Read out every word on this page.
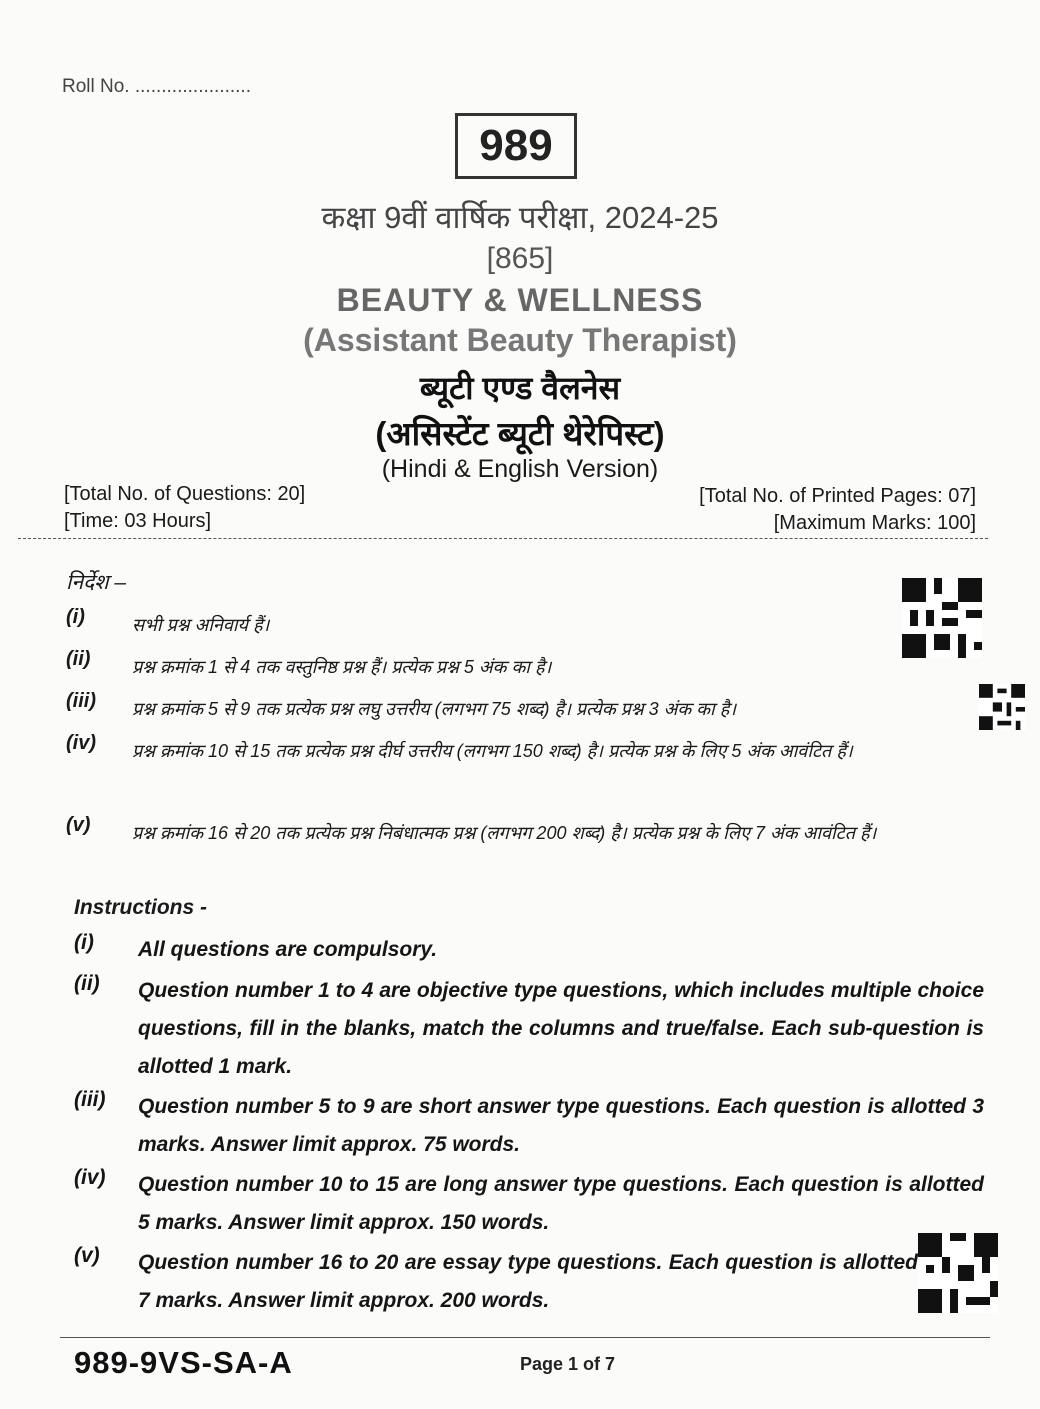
Roll No. ......................
989
कक्षा 9वीं वार्षिक परीक्षा, 2024-25
[865]
BEAUTY & WELLNESS
(Assistant Beauty Therapist)
ब्यूटी एण्ड वैलनेस
(असिस्टेंट ब्यूटी थेरेपिस्ट)
(Hindi & English Version)
[Total No. of Questions: 20]	[Total No. of Printed Pages: 07]
[Time: 03 Hours]	[Maximum Marks: 100]
निर्देश –
(i)	सभी प्रश्न अनिवार्य हैं।
(ii)	प्रश्न क्रमांक 1 से 4 तक वस्तुनिष्ठ प्रश्न हैं। प्रत्येक प्रश्न 5 अंक का है।
(iii)	प्रश्न क्रमांक 5 से 9 तक प्रत्येक प्रश्न लघु उत्तरीय (लगभग 75 शब्द) है। प्रत्येक प्रश्न 3 अंक का है।
(iv)	प्रश्न क्रमांक 10 से 15 तक प्रत्येक प्रश्न दीर्घ उत्तरीय (लगभग 150 शब्द) है। प्रत्येक प्रश्न के लिए 5 अंक आवंटित हैं।
(v)	प्रश्न क्रमांक 16 से 20 तक प्रत्येक प्रश्न निबंधात्मक प्रश्न (लगभग 200 शब्द) है। प्रत्येक प्रश्न के लिए 7 अंक आवंटित हैं।
Instructions -
(i)	All questions are compulsory.
(ii)	Question number 1 to 4 are objective type questions, which includes multiple choice questions, fill in the blanks, match the columns and true/false. Each sub-question is allotted 1 mark.
(iii)	Question number 5 to 9 are short answer type questions. Each question is allotted 3 marks. Answer limit approx. 75 words.
(iv)	Question number 10 to 15 are long answer type questions. Each question is allotted 5 marks. Answer limit approx. 150 words.
(v)	Question number 16 to 20 are essay type questions. Each question is allotted 7 marks. Answer limit approx. 200 words.
989-9VS-SA-A	Page 1 of 7
